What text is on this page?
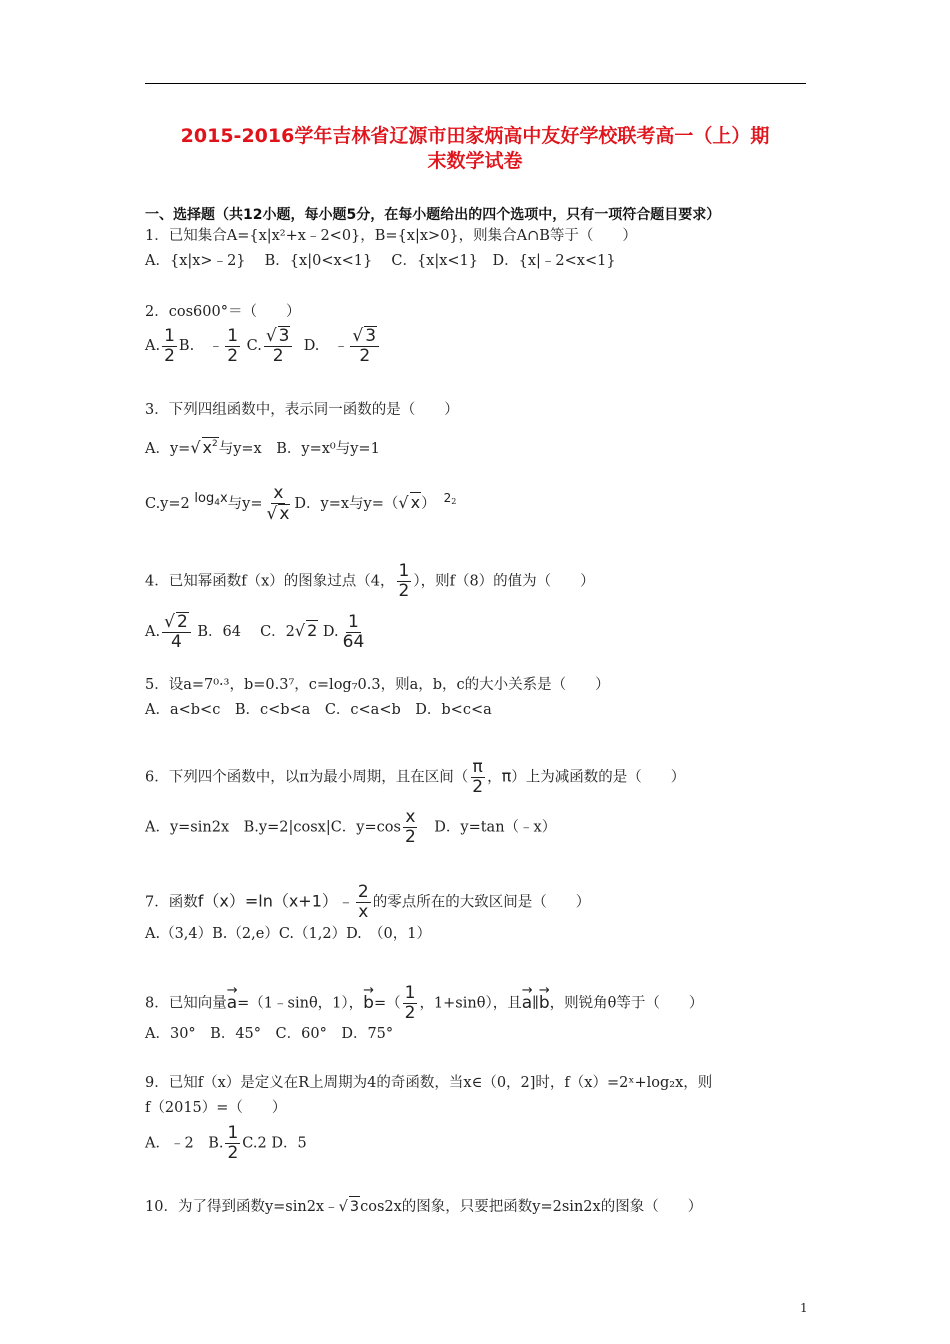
2015-2016学年吉林省辽源市田家炳高中友好学校联考高一（上）期
末数学试卷
一、选择题（共12小题，每小题5分，在每小题给出的四个选项中，只有一项符合题目要求）
1．已知集合A={x|x²+x﹣2<0}，B={x|x>0}，则集合A∩B等于（　　）
A．{x|x>﹣2}　 B．{x|0<x<1}　 C．{x|x<1}　D．{x|﹣2<x<1}
2．cos600°＝（　　）
A. $\frac{1}{2} B$.　﹣ $\frac{1}{2} C$. $\frac{√ 3}{2} D$.　﹣ $\frac{√ 3}{2}$
3．下列四组函数中，表示同一函数的是（　　）
A．y=√ $x^2$与y=x　B．y=x⁰与y=1
C.y=2 $\log_4x$与$y= \frac{x}{√ x}$ D．y=x与y=（√ x） $^{22}$
4．已知幂函数f（x）的图象过点（4， $\frac{1}{2}$ ），则f（8）的值为（　　）
A. $\frac{√ 2}{4}$ B．64　 C．2√ 2 D. $\frac{1}{64}$
5．设a=7⁰·³，b=0.3⁷，c=log₇0.3，则a，b，c的大小关系是（　　）
A．a<b<c　B．c<b<a　C．c<a<b　D．b<c<a
6．下列四个函数中，以π为最小周期，且在区间（ $\frac{\pi}{2}$ ，π）上为减函数的是（　　）
A．y=sin2x　B.y=2|cosx|C．$y=\cos \frac{x}{2}$ 　D．y=tan（﹣x）
7．函数f（x）=ln（x+1）﹣ $\frac{2}{x}$ 的零点所在的大致区间是（　　）
A.（3,4）B.（2,e）C.（1,2）D.　（0，1）
8．已知向量→ a=（1﹣sinθ，1），→ $b=( \frac{1}{2}$ ，1+sinθ），且→ a∥→ b，则锐角θ等于（　　）
A．30°　B．45°　C．60°　D．75°
9．已知f（x）是定义在R上周期为4的奇函数，当x∈（0，2]时，f（x）=2ˣ+log₂x，则
f（2015）=（　　）
A．﹣2　B. $\frac{1}{2} C.2$ D．5
10．为了得到函数y=sin2x﹣√ 3cos2x的图象，只要把函数y=2sin2x的图象（　　）
1
